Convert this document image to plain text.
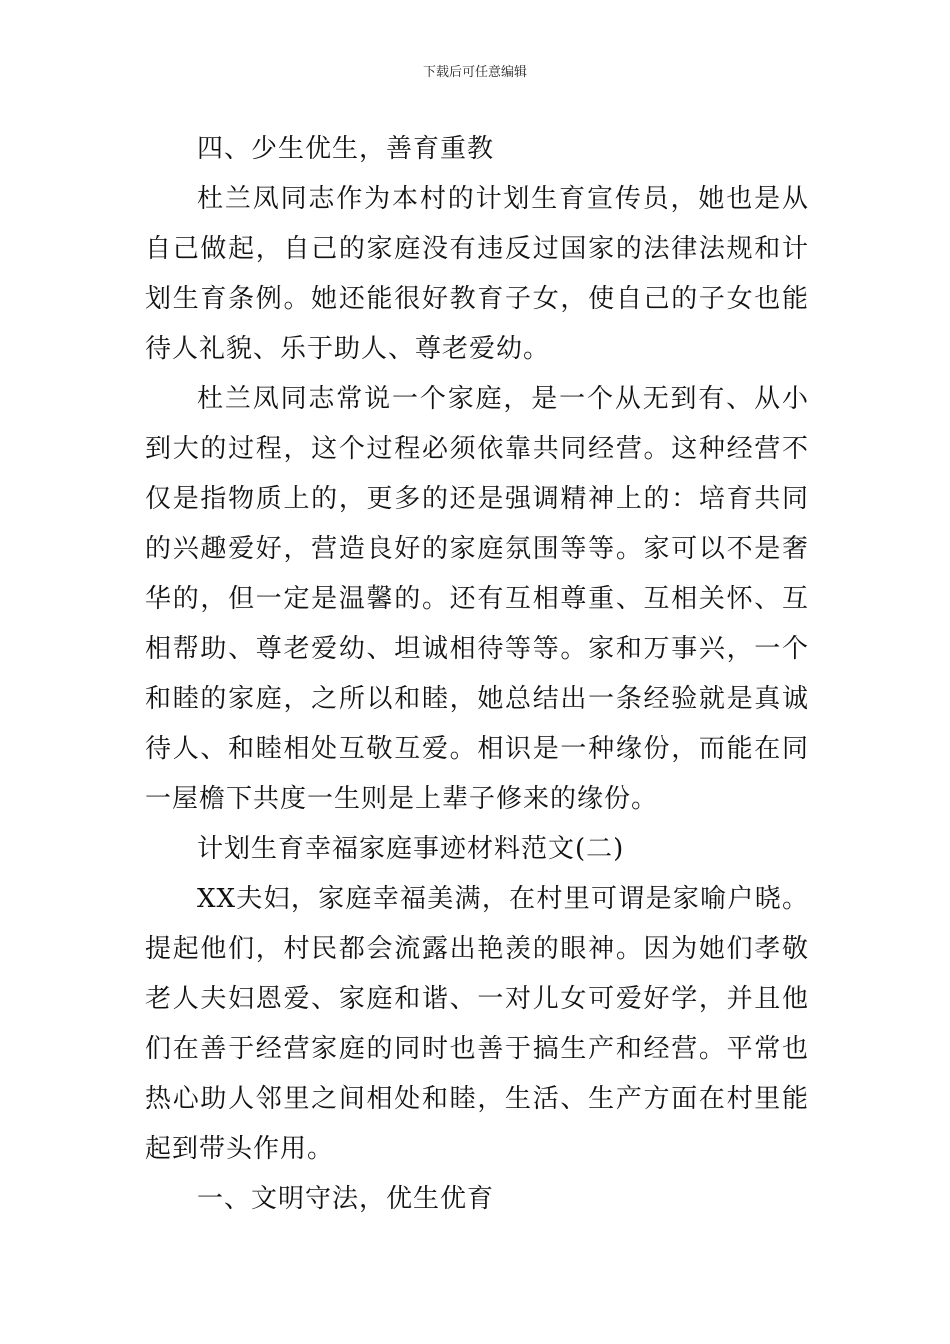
下载后可任意编辑

四、少生优生，善育重教

杜兰凤同志作为本村的计划生育宣传员，她也是从自己做起，自己的家庭没有违反过国家的法律法规和计划生育条例。她还能很好教育子女，使自己的子女也能待人礼貌、乐于助人、尊老爱幼。

杜兰凤同志常说一个家庭，是一个从无到有、从小到大的过程，这个过程必须依靠共同经营。这种经营不仅是指物质上的，更多的还是强调精神上的：培育共同的兴趣爱好，营造良好的家庭氛围等等。家可以不是奢华的，但一定是温馨的。还有互相尊重、互相关怀、互相帮助、尊老爱幼、坦诚相待等等。家和万事兴，一个和睦的家庭，之所以和睦，她总结出一条经验就是真诚待人、和睦相处互敬互爱。相识是一种缘份，而能在同一屋檐下共度一生则是上辈子修来的缘份。

计划生育幸福家庭事迹材料范文(二)

XX夫妇，家庭幸福美满，在村里可谓是家喻户晓。提起他们，村民都会流露出艳羡的眼神。因为她们孝敬老人夫妇恩爱、家庭和谐、一对儿女可爱好学，并且他们在善于经营家庭的同时也善于搞生产和经营。平常也热心助人邻里之间相处和睦，生活、生产方面在村里能起到带头作用。

一、文明守法，优生优育
